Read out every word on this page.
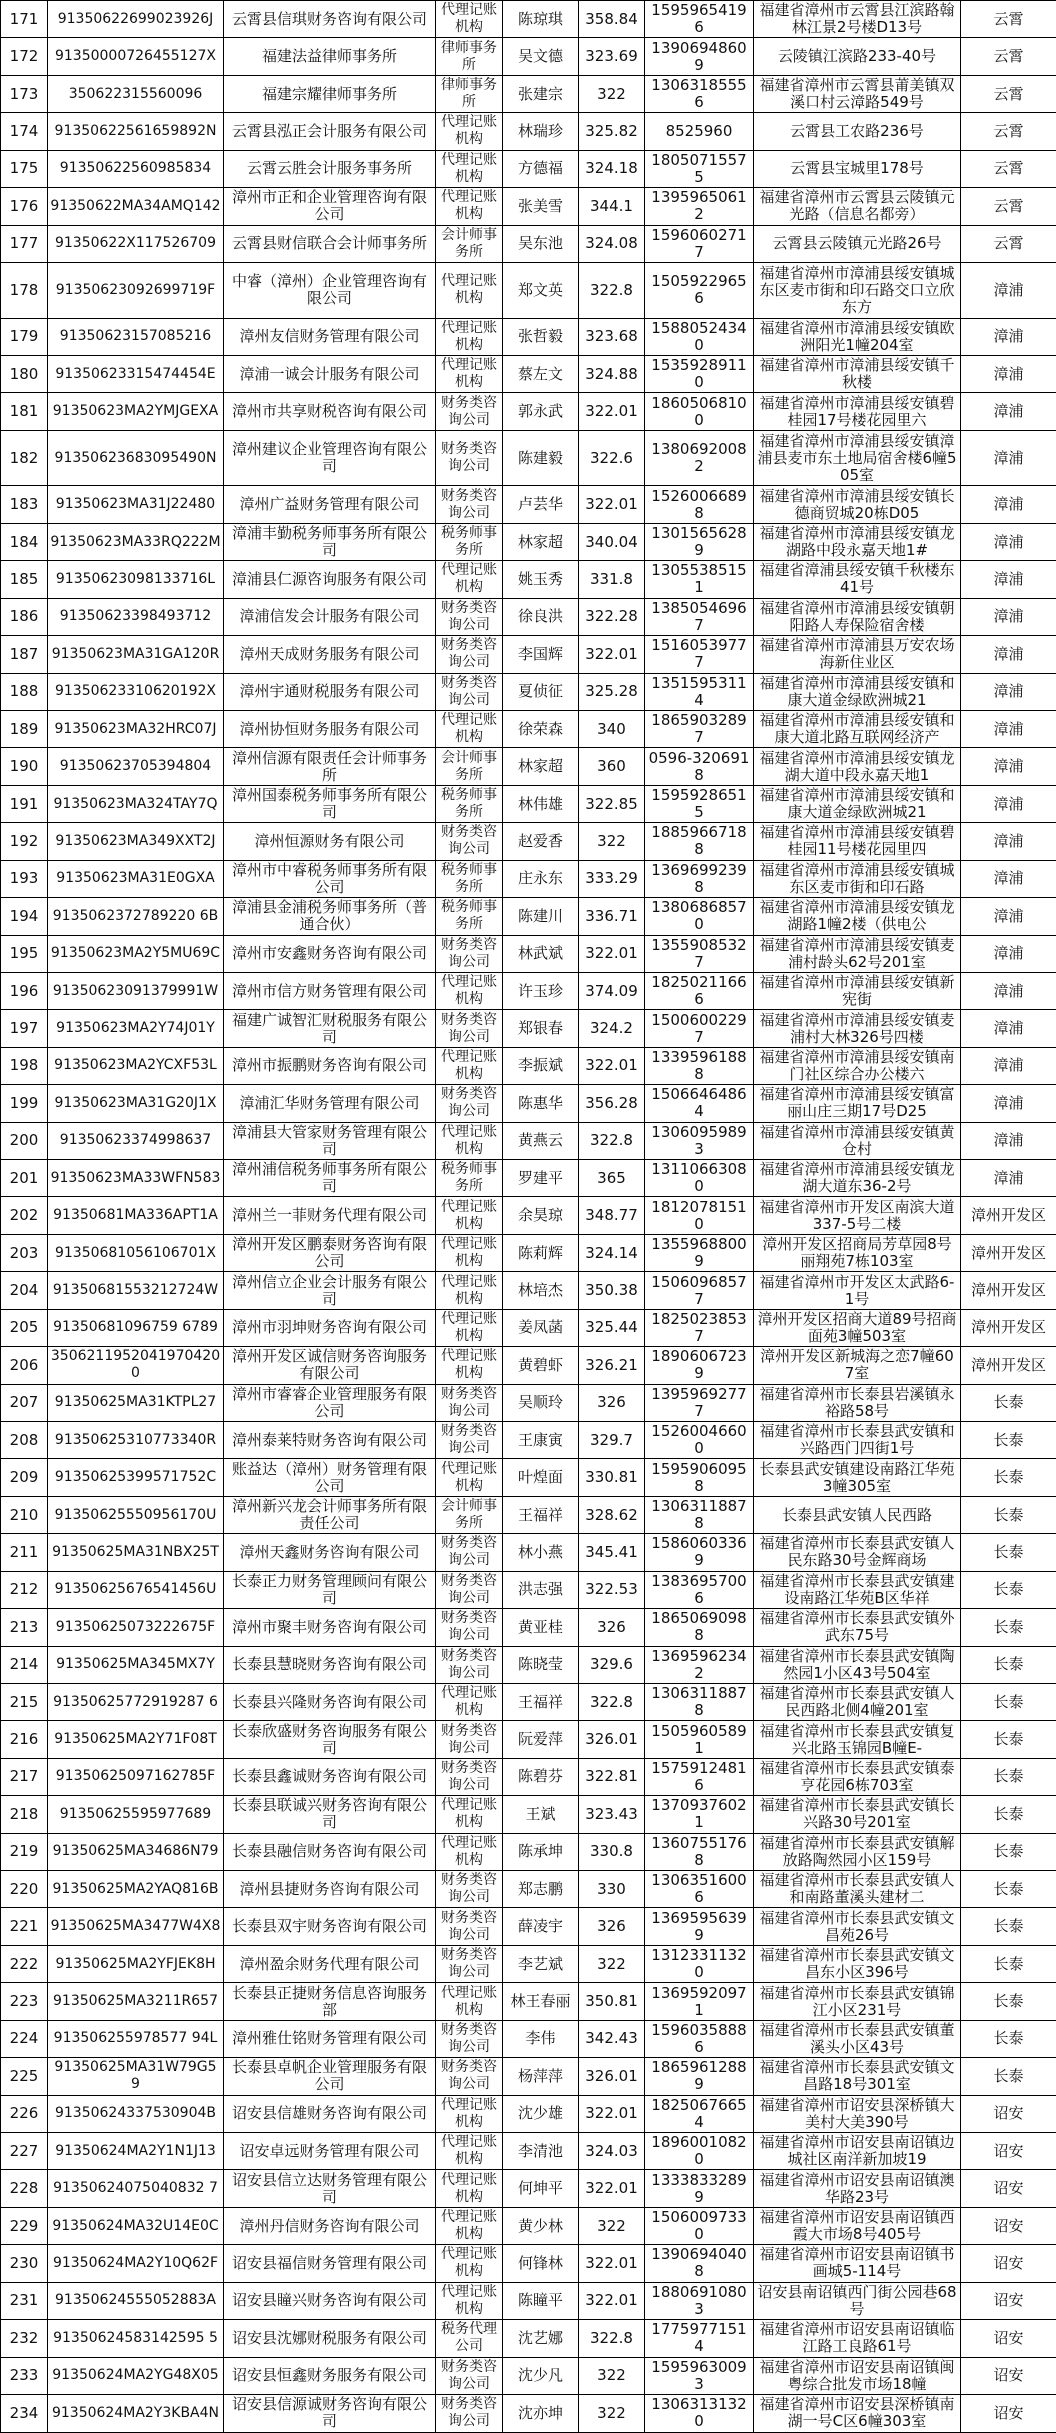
171	91350622699023926J	云霄县信琪财务咨询有限公司	代理记账机构	陈琼琪	358.84	15959654196	福建省漳州市云霄县江滨路翰林江景2号楼D13号	云霄
172	91350000726455127X	福建法益律师事务所	律师事务所	吴文德	323.69	13906948609	云陵镇江滨路233-40号	云霄
173	350622315560096	福建宗耀律师事务所	律师事务所	张建宗	322	13063185556	福建省漳州市云霄县莆美镇双溪口村云漳路549号	云霄
174	91350622561659892N	云霄县泓正会计服务有限公司	代理记账机构	林瑞珍	325.82	8525960	云霄县工农路236号	云霄
175	91350622560985834	云霄云胜会计服务事务所	代理记账机构	方德福	324.18	18050715575	云霄县宝城里178号	云霄
176	91350622MA34AMQ142	漳州市正和企业管理咨询有限公司	代理记账机构	张美雪	344.1	13959650612	福建省漳州市云霄县云陵镇元光路（信息名都旁）	云霄
177	91350622X117526709	云霄县财信联合会计师事务所	会计师事务所	吴东池	324.08	15960602717	云霄县云陵镇元光路26号	云霄
178	91350623092699719F	中睿（漳州）企业管理咨询有限公司	代理记账机构	郑文英	322.8	15059229656	福建省漳州市漳浦县绥安镇城东区麦市街和印石路交口立欣东方	漳浦
179	91350623157085216	漳州友信财务管理有限公司	代理记账机构	张哲毅	323.68	15880524340	福建省漳州市漳浦县绥安镇欧洲阳光1幢204室	漳浦
180	91350623315474454E	漳浦一诚会计服务有限公司	代理记账机构	蔡左文	324.88	15359289110	福建省漳州市漳浦县绥安镇千秋楼	漳浦
181	91350623MA2YMJGEXA	漳州市共享财税咨询有限公司	财务类咨询公司	郭永武	322.01	18605068100	福建省漳州市漳浦县绥安镇碧桂园17号楼花园里六	漳浦
182	91350623683095490N	漳州建议企业管理咨询有限公司	财务类咨询公司	陈建毅	322.6	13806920082	福建省漳州市漳浦县绥安镇漳浦县麦市东土地局宿舍楼6幢505室	漳浦
183	91350623MA31J22480	漳州广益财务管理有限公司	财务类咨询公司	卢芸华	322.01	15260066898	福建省漳州市漳浦县绥安镇长德商贸城20栋D05	漳浦
184	91350623MA33RQ222M	漳浦丰勤税务师事务所有限公司	税务师事务所	林家超	340.04	13015656289	福建省漳州市漳浦县绥安镇龙湖路中段永嘉天地1#	漳浦
185	91350623098133716L	漳浦县仁源咨询服务有限公司	代理记账机构	姚玉秀	331.8	13055385151	福建省漳浦县绥安镇千秋楼东41号	漳浦
186	91350623398493712	漳浦信发会计服务有限公司	财务类咨询公司	徐良洪	322.28	13850546967	福建省漳州市漳浦县绥安镇朝阳路人寿保险宿舍楼	漳浦
187	91350623MA31GA120R	漳州天成财务服务有限公司	财务类咨询公司	李国辉	322.01	15160539777	福建省漳州市漳浦县万安农场海新住业区	漳浦
188	91350623310620192X	漳州宇通财税服务有限公司	财务类咨询公司	夏侦征	325.28	13515953114	福建省漳州市漳浦县绥安镇和康大道金绿欧洲城21	漳浦
189	91350623MA32HRC07J	漳州协恒财务服务有限公司	代理记账机构	徐荣森	340	18659032897	福建省漳州市漳浦县绥安镇和康大道北路互联网经济产	漳浦
190	91350623705394804	漳州信源有限责任会计师事务所	会计师事务所	林家超	360	0596-3206918	福建省漳州市漳浦县绥安镇龙湖大道中段永嘉天地1	漳浦
191	91350623MA324TAY7Q	漳州国泰税务师事务所有限公司	税务师事务所	林伟雄	322.85	15959286515	福建省漳州市漳浦县绥安镇和康大道金绿欧洲城21	漳浦
192	91350623MA349XXT2J	漳州恒源财务有限公司	财务类咨询公司	赵爱香	322	18859667188	福建省漳州市漳浦县绥安镇碧桂园11号楼花园里四	漳浦
193	91350623MA31E0GXA	漳州市中睿税务师事务所有限公司	税务师事务所	庄永东	333.29	13696992398	福建省漳州市漳浦县绥安镇城东区麦市街和印石路	漳浦
194	9135062372789220 6B	漳浦县金浦税务师事务所（普通合伙）	税务师事务所	陈建川	336.71	13806868570	福建省漳州市漳浦县绥安镇龙湖路1幢2楼（供电公	漳浦
195	91350623MA2Y5MU69C	漳州市安鑫财务咨询有限公司	财务类咨询公司	林武斌	322.01	13559085327	福建省漳州市漳浦县绥安镇麦浦村龄头62号201室	漳浦
196	91350623091379991W	漳州市信方财务管理有限公司	代理记账机构	许玉珍	374.09	18250211666	福建省漳州市漳浦县绥安镇新宪街	漳浦
197	91350623MA2Y74J01Y	福建广诚智汇财税服务有限公司	财务类咨询公司	郑银春	324.2	15006002297	福建省漳州市漳浦县绥安镇麦浦村大林326号四楼	漳浦
198	91350623MA2YCXF53L	漳州市振鹏财务咨询有限公司	代理记账机构	李振斌	322.01	13395961888	福建省漳州市漳浦县绥安镇南门社区综合办公楼六	漳浦
199	91350623MA31G20J1X	漳浦汇华财务管理有限公司	财务类咨询公司	陈惠华	356.28	15066464864	福建省漳州市漳浦县绥安镇富丽山庄三期17号D25	漳浦
200	91350623374998637	漳浦县大管家财务管理有限公司	代理记账机构	黄燕云	322.8	13060959893	福建省漳州市漳浦县绥安镇黄仓村	漳浦
201	91350623MA33WFN583	漳州浦信税务师事务所有限公司	税务师事务所	罗建平	365	13110663080	福建省漳州市漳浦县绥安镇龙湖大道东36-2号	漳浦
202	91350681MA336APT1A	漳州兰一菲财务代理有限公司	代理记账机构	余昊琼	348.77	18120781510	福建省漳州市开发区南滨大道337-5号二楼	漳州开发区
203	91350681056106701X	漳州开发区鹏泰财务咨询有限公司	代理记账机构	陈莉辉	324.14	13559688009	漳州开发区招商局芳草园8号丽翔苑7栋103室	漳州开发区
204	91350681553212724W	漳州信立企业会计服务有限公司	代理记账机构	林培杰	350.38	15060968577	福建省漳州市开发区太武路6-1号	漳州开发区
205	91350681096759 6789	漳州市羽坤财务咨询有限公司	代理记账机构	姜凤菡	325.44	18250238537	漳州开发区招商大道89号招商面苑3幢503室	漳州开发区
206	35062119520419704200	漳州开发区诚信财务咨询服务有限公司	代理记账机构	黄碧虾	326.21	18906067239	漳州开发区新城海之恋7幢607室	漳州开发区
207	91350625MA31KTPL27	漳州市睿睿企业管理服务有限公司	财务类咨询公司	吴顺玲	326	13959692777	福建省漳州市长泰县岩溪镇永裕路58号	长泰
208	91350625310773340R	漳州泰莱特财务咨询有限公司	财务类咨询公司	王康寅	329.7	15260046600	福建省漳州市长泰县武安镇和兴路西门四街1号	长泰
209	91350625399571752C	账益达（漳州）财务管理有限公司	代理记账机构	叶煌面	330.81	15959060958	长泰县武安镇建设南路江华苑3幢305室	长泰
210	91350625550956170U	漳州新兴龙会计师事务所有限责任公司	会计师事务所	王福祥	328.62	13063118878	长泰县武安镇人民西路	长泰
211	91350625MA31NBX25T	漳州天鑫财务咨询有限公司	财务类咨询公司	林小燕	345.41	15860603369	福建省漳州市长泰县武安镇人民东路30号金辉商场	长泰
212	91350625676541456U	长泰正力财务管理顾问有限公司	财务类咨询公司	洪志强	322.53	13836957006	福建省漳州市长泰县武安镇建设南路江华苑B区华祥	长泰
213	91350625073222675F	漳州市聚丰财务咨询有限公司	财务类咨询公司	黄亚桂	326	18650690988	福建省漳州市长泰县武安镇外武东75号	长泰
214	91350625MA345MX7Y	长泰县慧晓财务咨询有限公司	财务类咨询公司	陈晓莹	329.6	13695962342	福建省漳州市长泰县武安镇陶然园1小区43号504室	长泰
215	91350625772919287 6	长泰县兴隆财务咨询有限公司	代理记账机构	王福祥	322.8	13063118878	福建省漳州市长泰县武安镇人民西路北侧4幢201室	长泰
216	91350625MA2Y71F08T	长泰欣盛财务咨询服务有限公司	财务类咨询公司	阮爱萍	326.01	15059605891	福建省漳州市长泰县武安镇复兴北路玉锦园B幢E-	长泰
217	91350625097162785F	长泰县鑫诚财务咨询有限公司	财务类咨询公司	陈碧芬	322.81	15759124816	福建省漳州市长泰县武安镇泰亨花园6栋703室	长泰
218	91350625595977689	长泰县联诚兴财务咨询有限公司	代理记账机构	王斌	323.43	13709376021	福建省漳州市长泰县武安镇长兴路30号201室	长泰
219	91350625MA34686N79	长泰县融信财务咨询有限公司	代理记账机构	陈承坤	330.8	13607551768	福建省漳州市长泰县武安镇解放路陶然园小区159号	长泰
220	91350625MA2YAQ816B	漳州县捷财务咨询有限公司	财务类咨询公司	郑志鹏	330	13063516006	福建省漳州市长泰县武安镇人和南路董溪头建材二	长泰
221	91350625MA3477W4X8	长泰县双宇财务咨询有限公司	财务类咨询公司	薛凌宇	326	13695956399	福建省漳州市长泰县武安镇文昌苑26号	长泰
222	91350625MA2YFJEK8H	漳州盈余财务代理有限公司	财务类咨询公司	李艺斌	322	13123311320	福建省漳州市长泰县武安镇文昌东小区396号	长泰
223	91350625MA3211R657	长泰县正捷财务信息咨询服务部	代理记账机构	林王春丽	350.81	13695920971	福建省漳州市长泰县武安镇锦江小区231号	长泰
224	913506255978577 94L	漳州雅仕铭财务管理有限公司	财务类咨询公司	李伟	342.43	15960358886	福建省漳州市长泰县武安镇董溪头小区43号	长泰
225	91350625MA31W79G59	长泰县卓帆企业管理服务有限公司	财务类咨询公司	杨萍萍	326.01	18659612889	福建省漳州市长泰县武安镇文昌路18号301室	长泰
226	91350624337530904B	诏安县信雄财务咨询有限公司	代理记账机构	沈少雄	322.01	18250676654	福建省漳州市诏安县深桥镇大美村大美390号	诏安
227	91350624MA2Y1N1J13	诏安卓远财务管理有限公司	代理记账机构	李清池	324.03	18960010820	福建省漳州市诏安县南诏镇边城社区南洋新加坡19	诏安
228	91350624075040832 7	诏安县信立达财务管理有限公司	代理记账机构	何坤平	322.01	13338332899	福建省漳州市诏安县南诏镇澳华路23号	诏安
229	91350624MA32U14E0C	漳州丹信财务咨询有限公司	代理记账机构	黄少林	322	15060097330	福建省漳州市诏安县南诏镇西霞大市场8号405号	诏安
230	91350624MA2Y10Q62F	诏安县福信财务管理有限公司	代理记账机构	何锋林	322.01	13906940408	福建省漳州市诏安县南诏镇书画城5-114号	诏安
231	91350624555052883A	诏安县瞳兴财务咨询有限公司	代理记账机构	陈瞳平	322.01	18806910803	诏安县南诏镇西门街公园巷68号	诏安
232	91350624583142595 5	诏安县沈娜财税服务有限公司	税务代理公司	沈艺娜	322.8	17759771514	福建省漳州市诏安县南诏镇临江路工良路61号	诏安
233	91350624MA2YG48X05	诏安县恒鑫财务服务有限公司	财务类咨询公司	沈少凡	322	15959630093	福建省漳州市诏安县南诏镇闽粤综合批发市场18幢	诏安
234	91350624MA2Y3KBA4N	诏安县信源诚财务咨询有限公司	财务类咨询公司	沈亦坤	322	13063131320	福建省漳州市诏安县深桥镇南湖一号C区6幢303室	诏安
